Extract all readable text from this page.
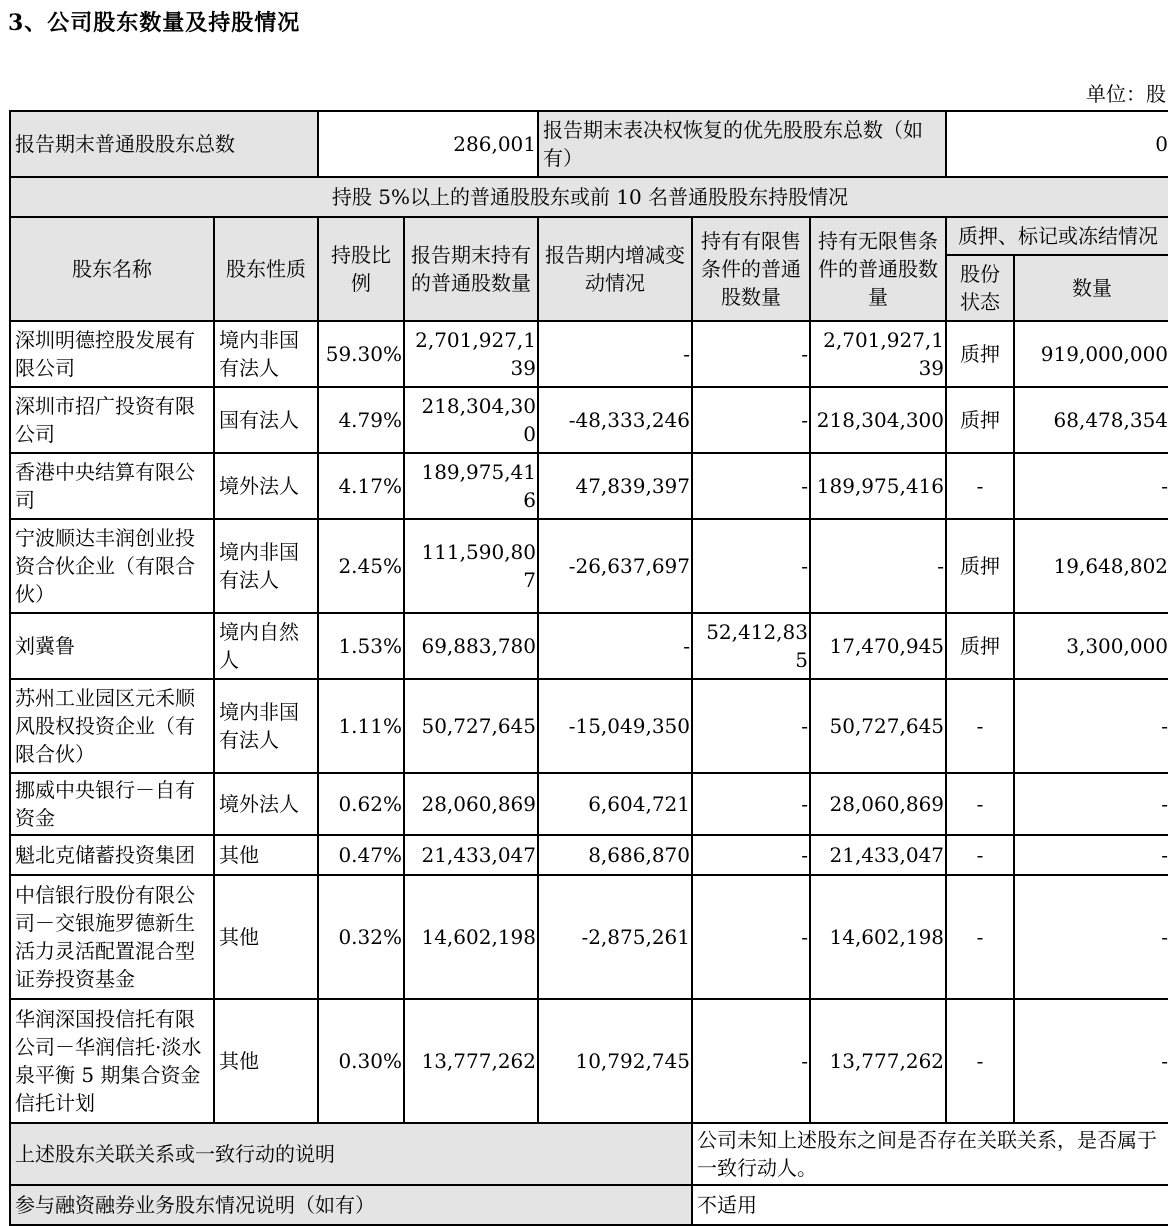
3、公司股东数量及持股情况
单位：股
报告期末普通股股东总数		286,001		报告期末表决权恢复的优先股股东总数（如有）			0	
持股 5%以上的普通股股东或前 10 名普通股股东持股情况								
股东名称	股东性质	持股比例	报告期末持有的普通股数量	报告期内增减变动情况	持有有限售条件的普通股数量	持有无限售条件的普通股数量	质押、标记或冻结情况	
							股份状态	数量
深圳明德控股发展有限公司	境内非国有法人	59.30%	2,701,927,139	-	-	2,701,927,139	质押	919,000,000
深圳市招广投资有限公司	国有法人	4.79%	218,304,300	-48,333,246	-	218,304,300	质押	68,478,354
香港中央结算有限公司	境外法人	4.17%	189,975,416	47,839,397	-	189,975,416	-	-
宁波顺达丰润创业投资合伙企业（有限合伙）	境内非国有法人	2.45%	111,590,807	-26,637,697	-	-	质押	19,648,802
刘冀鲁	境内自然人	1.53%	69,883,780	-	52,412,835	17,470,945	质押	3,300,000
苏州工业园区元禾顺风股权投资企业（有限合伙）	境内非国有法人	1.11%	50,727,645	-15,049,350	-	50,727,645	-	-
挪威中央银行－自有资金	境外法人	0.62%	28,060,869	6,604,721	-	28,060,869	-	-
魁北克储蓄投资集团	其他	0.47%	21,433,047	8,686,870	-	21,433,047	-	-
中信银行股份有限公司－交银施罗德新生活力灵活配置混合型证券投资基金	其他	0.32%	14,602,198	-2,875,261	-	14,602,198	-	-
华润深国投信托有限公司－华润信托·淡水泉平衡 5 期集合资金信托计划	其他	0.30%	13,777,262	10,792,745	-	13,777,262	-	-
上述股东关联关系或一致行动的说明					公司未知上述股东之间是否存在关联关系，是否属于一致行动人。			
参与融资融券业务股东情况说明（如有）					不适用			
